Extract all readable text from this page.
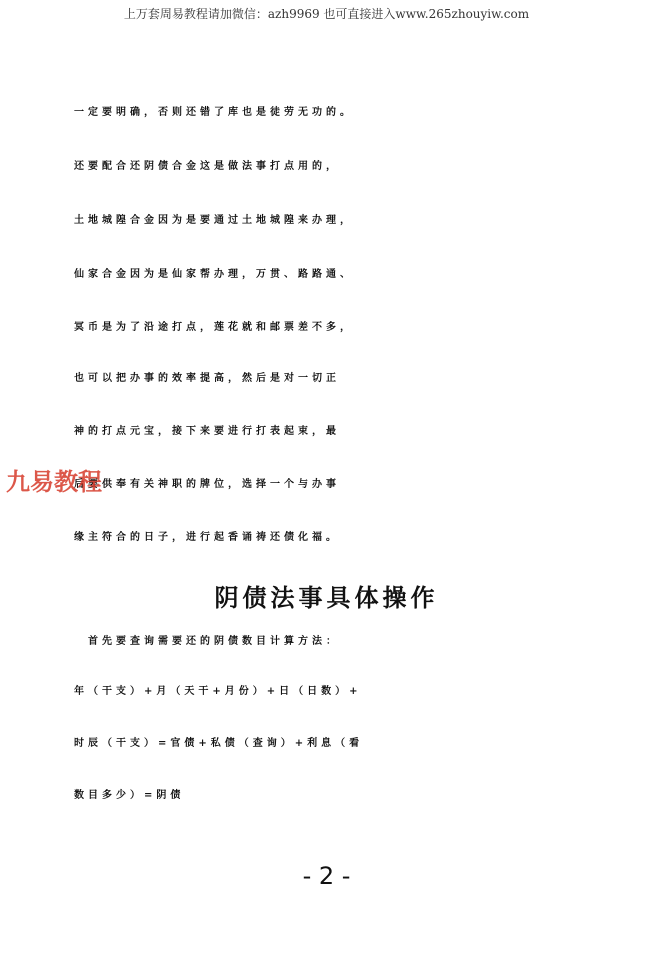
上万套周易教程请加微信：azh9969 也可直接进入www.265zhouyiw.com
一定要明确，否则还错了库也是徒劳无功的。
还要配合还阴债合金这是做法事打点用的，
土地城隍合金因为是要通过土地城隍来办理，
仙家合金因为是仙家帮办理，万贯、路路通、
冥币是为了沿途打点，莲花就和邮票差不多，
也可以把办事的效率提高，然后是对一切正
神的打点元宝，接下来要进行打表起束，最
后要供奉有关神职的牌位，选择一个与办事
缘主符合的日子，进行起香诵祷还债化福。
阴债法事具体操作
　首先要查询需要还的阴债数目计算方法：
年（干支）+月（天干+月份）+日（日数）+
时辰（干支）=官债+私债（查询）+利息（看
数目多少）=阴债
九易教程
- 2 -
